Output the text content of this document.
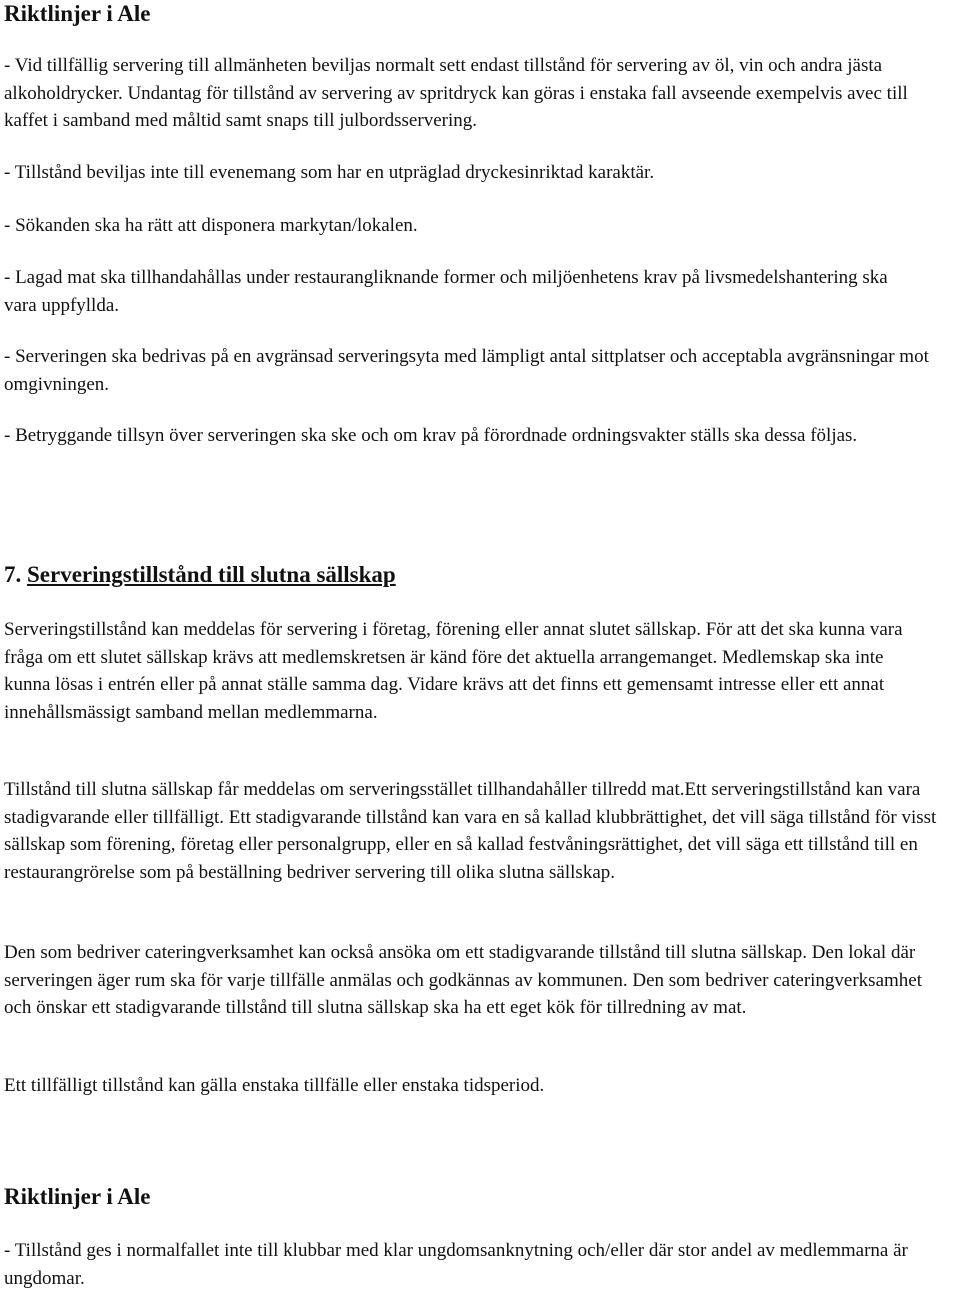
Riktlinjer i Ale

- Vid tillfällig servering till allmänheten beviljas normalt sett endast tillstånd för servering av öl, vin och andra jästa alkoholdrycker. Undantag för tillstånd av servering av spritdryck kan göras i enstaka fall avseende exempelvis avec till kaffet i samband med måltid samt snaps till julbordsservering.

- Tillstånd beviljas inte till evenemang som har en utpräglad dryckesinriktad karaktär.

- Sökanden ska ha rätt att disponera markytan/lokalen.

- Lagad mat ska tillhandahållas under restaurangliknande former och miljöenhetens krav på livsmedelshantering ska vara uppfyllda.

- Serveringen ska bedrivas på en avgränsad serveringsyta med lämpligt antal sittplatser och acceptabla avgränsningar mot omgivningen.

- Betryggande tillsyn över serveringen ska ske och om krav på förordnade ordningsvakter ställs ska dessa följas.

7. Serveringstillstånd till slutna sällskap

Serveringstillstånd kan meddelas för servering i företag, förening eller annat slutet sällskap. För att det ska kunna vara fråga om ett slutet sällskap krävs att medlemskretsen är känd före det aktuella arrangemanget. Medlemskap ska inte kunna lösas i entrén eller på annat ställe samma dag. Vidare krävs att det finns ett gemensamt intresse eller ett annat innehållsmässigt samband mellan medlemmarna.

Tillstånd till slutna sällskap får meddelas om serveringsstället tillhandahåller tillredd mat.Ett serveringstillstånd kan vara stadigvarande eller tillfälligt. Ett stadigvarande tillstånd kan vara en så kallad klubbrättighet, det vill säga tillstånd för visst sällskap som förening, företag eller personalgrupp, eller en så kallad festvåningsrättighet, det vill säga ett tillstånd till en restaurangrörelse som på beställning bedriver servering till olika slutna sällskap.

Den som bedriver cateringverksamhet kan också ansöka om ett stadigvarande tillstånd till slutna sällskap. Den lokal där serveringen äger rum ska för varje tillfälle anmälas och godkännas av kommunen. Den som bedriver cateringverksamhet och önskar ett stadigvarande tillstånd till slutna sällskap ska ha ett eget kök för tillredning av mat.

Ett tillfälligt tillstånd kan gälla enstaka tillfälle eller enstaka tidsperiod.

Riktlinjer i Ale

- Tillstånd ges i normalfallet inte till klubbar med klar ungdomsanknytning och/eller där stor andel av medlemmarna är ungdomar.
